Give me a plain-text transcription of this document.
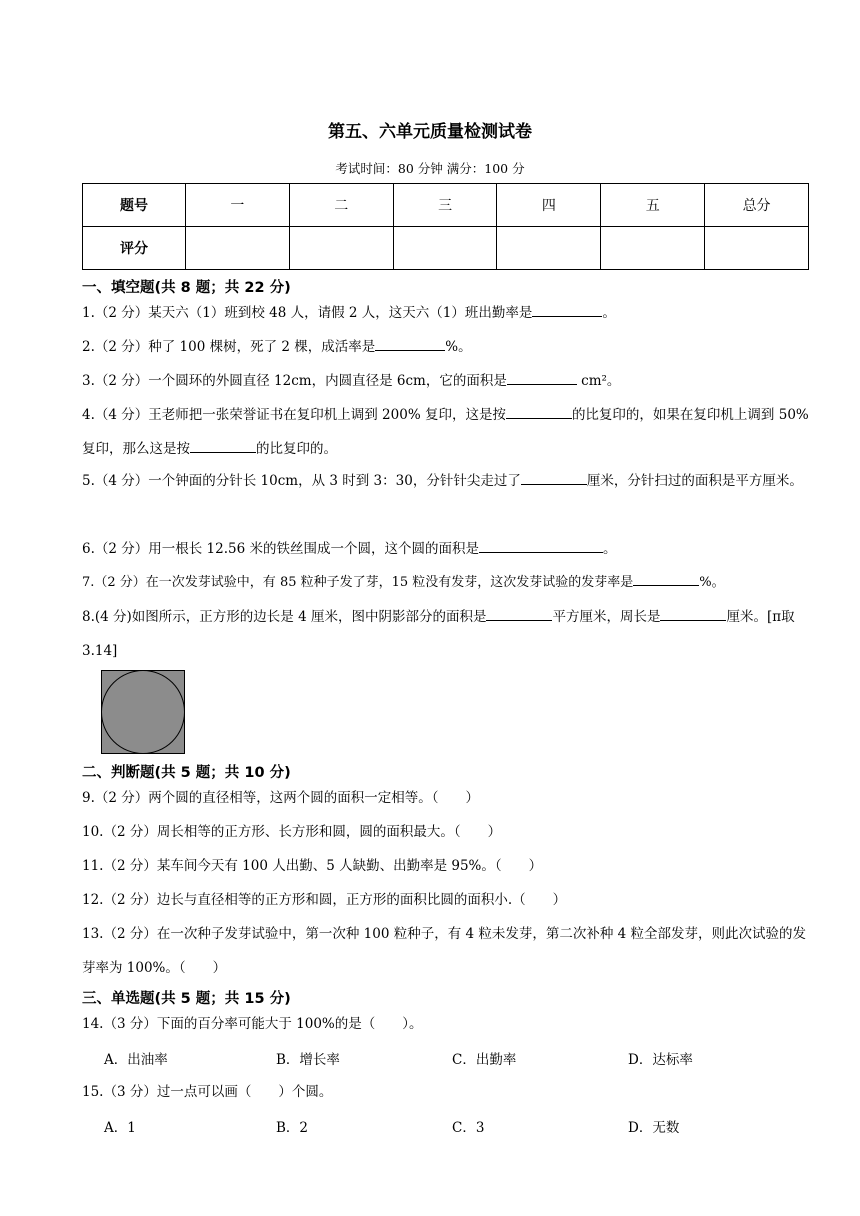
第五、六单元质量检测试卷
考试时间：80 分钟 满分：100 分
题号	一	二	三	四	五	总分
评分						
一、填空题(共 8 题；共 22 分)
1.（2 分）某天六（1）班到校 48 人，请假 2 人，这天六（1）班出勤率是	。
2.（2 分）种了 100 棵树，死了 2 棵，成活率是	%。
3.（2 分）一个圆环的外圆直径 12cm，内圆直径是 6cm，它的面积是	cm²。
4.（4 分）王老师把一张荣誉证书在复印机上调到 200% 复印，这是按	的比复印的，如果在复印机上调到 50%复印，那么这是按	的比复印的。
5.（4 分）一个钟面的分针长 10cm，从 3 时到 3：30，分针针尖走过了	厘米，分针扫过的面积是平方厘米。
6.（2 分）用一根长 12.56 米的铁丝围成一个圆，这个圆的面积是	。
7.（2 分）在一次发芽试验中，有 85 粒种子发了芽，15 粒没有发芽，这次发芽试验的发芽率是	%。
8.(4 分)如图所示，正方形的边长是 4 厘米，图中阴影部分的面积是	平方厘米，周长是	厘米。[π取 3.14]
二、判断题(共 5 题；共 10 分)
9.（2 分）两个圆的直径相等，这两个圆的面积一定相等。（　　）
10.（2 分）周长相等的正方形、长方形和圆，圆的面积最大。（　　）
11.（2 分）某车间今天有 100 人出勤、5 人缺勤、出勤率是 95%。（　　）
12.（2 分）边长与直径相等的正方形和圆，正方形的面积比圆的面积小.（　　）
13.（2 分）在一次种子发芽试验中，第一次种 100 粒种子，有 4 粒未发芽，第二次补种 4 粒全部发芽，则此次试验的发芽率为 100%。（　　）
三、单选题(共 5 题；共 15 分)
14.（3 分）下面的百分率可能大于 100%的是（　　）。
A．出油率	B．增长率	C．出勤率	D．达标率
15.（3 分）过一点可以画（　　）个圆。
A．1	B．2	C．3	D．无数
